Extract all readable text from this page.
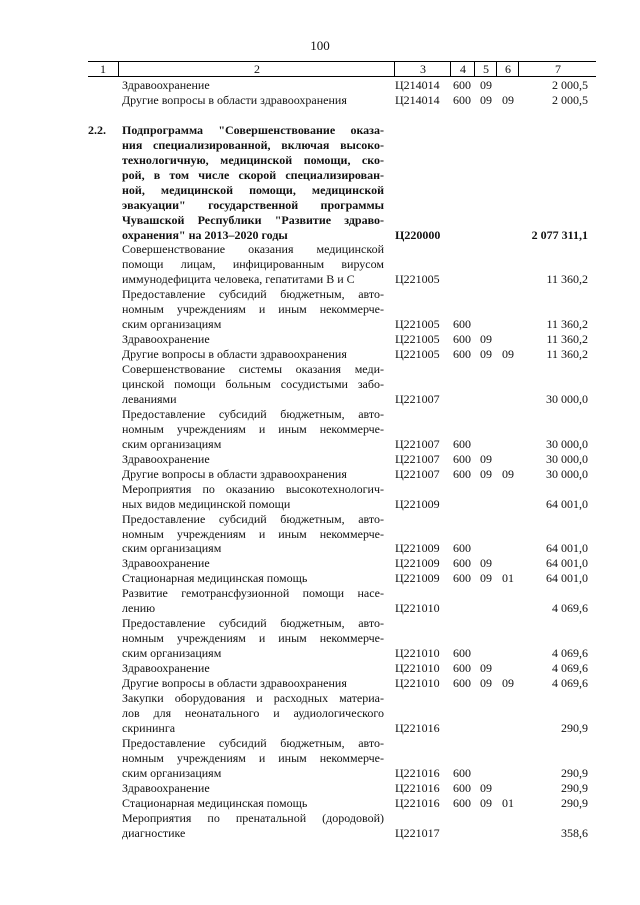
100
1	2	3	4	5	6	7
Здравоохранение	Ц214014	600 09	2 000,5
Другие вопросы в области здравоохранения	Ц214014	600 09 09	2 000,5
2.2.	Подпрограмма "Совершенствование оказа-
ния специализированной, включая высоко-
технологичную, медицинской помощи, ско-
рой, в том числе скорой специализирован-
ной, медицинской помощи, медицинской
эвакуации" государственной программы
Чувашской Республики "Развитие здраво-
охранения" на 2013–2020 годы	Ц220000	2 077 311,1
Совершенствование оказания медицинской
помощи лицам, инфицированным вирусом
иммунодефицита человека, гепатитами В и С	Ц221005	11 360,2
Предоставление субсидий бюджетным, авто-
номным учреждениям и иным некоммерче-
ским организациям	Ц221005	600	11 360,2
Здравоохранение	Ц221005	600 09	11 360,2
Другие вопросы в области здравоохранения	Ц221005	600 09 09	11 360,2
Совершенствование системы оказания меди-
цинской помощи больным сосудистыми забо-
леваниями	Ц221007	30 000,0
Предоставление субсидий бюджетным, авто-
номным учреждениям и иным некоммерче-
ским организациям	Ц221007	600	30 000,0
Здравоохранение	Ц221007	600 09	30 000,0
Другие вопросы в области здравоохранения	Ц221007	600 09 09	30 000,0
Мероприятия по оказанию высокотехнологич-
ных видов медицинской помощи	Ц221009	64 001,0
Предоставление субсидий бюджетным, авто-
номным учреждениям и иным некоммерче-
ским организациям	Ц221009	600	64 001,0
Здравоохранение	Ц221009	600 09	64 001,0
Стационарная медицинская помощь	Ц221009	600 09 01	64 001,0
Развитие гемотрансфузионной помощи насе-
лению	Ц221010	4 069,6
Предоставление субсидий бюджетным, авто-
номным учреждениям и иным некоммерче-
ским организациям	Ц221010	600	4 069,6
Здравоохранение	Ц221010	600 09	4 069,6
Другие вопросы в области здравоохранения	Ц221010	600 09 09	4 069,6
Закупки оборудования и расходных материа-
лов для неонатального и аудиологического
скрининга	Ц221016	290,9
Предоставление субсидий бюджетным, авто-
номным учреждениям и иным некоммерче-
ским организациям	Ц221016	600	290,9
Здравоохранение	Ц221016	600 09	290,9
Стационарная медицинская помощь	Ц221016	600 09 01	290,9
Мероприятия по пренатальной (дородовой)
диагностике	Ц221017	358,6
